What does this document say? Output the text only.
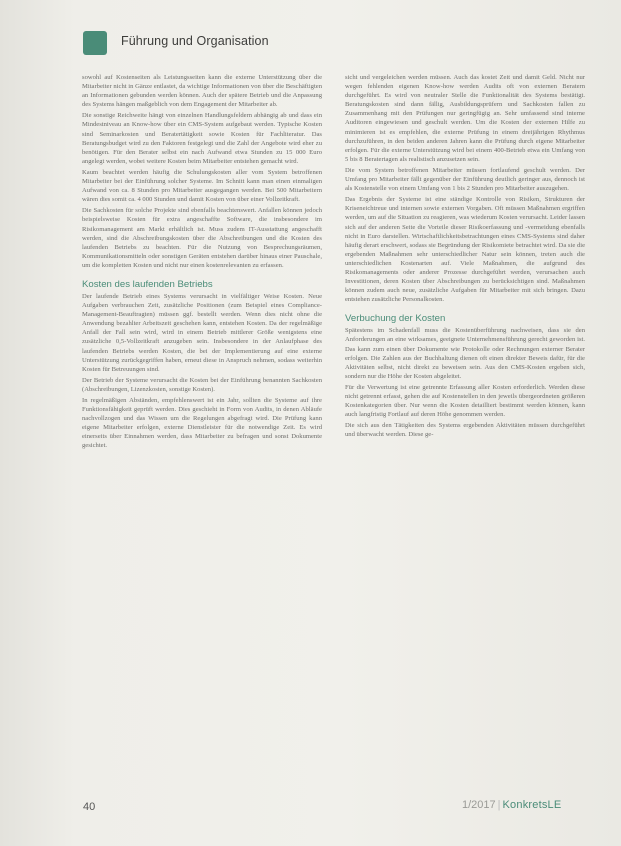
Führung und Organisation

sowohl auf Kostenseiten als Leistungsseiten kann die externe Unterstützung über die Mitarbeiter nicht in Gänze entlastet, da wichtige Informationen von über die Beschäftigten an Informationen gebunden werden können. Auch der spätere Betrieb und die Anpassung des Systems hängen maßgeblich von dem Engagement der Mitarbeiter ab.

Die sonstige Reichweite hängt von einzelnen Handlungsfeldern abhängig ab und dass ein Mindestniveau an Know-how über ein CMS-System aufgebaut werden. Typische Kosten sind Seminarkosten und Beratertätigkeit sowie Kosten für Fachliteratur. Das Beratungsbudget wird zu den Faktoren festgelegt und die Zahl der Angebote wird eher zu benötigen. Für den Berater selbst ein nach Aufwand etwa Stunden zu 15 000 Euro angelegt werden, wobei weitere Kosten beim Mitarbeiter entstehen gemacht wird.

Kaum beachtet werden häufig die Schulungskosten aller vom System betroffenen Mitarbeiter bei der Einführung solcher Systeme. Im Schnitt kann man einen einmaligen Aufwand von ca. 8 Stunden pro Mitarbeiter ausgegangen werden. Bei 500 Mitarbeitern wären dies somit ca. 4 000 Stunden und damit Kosten von über einer Vollzeitkraft.

Die Sachkosten für solche Projekte sind ebenfalls beachtenswert. Anfallen können jedoch beispielsweise Kosten für extra angeschaffte Software, die insbesondere im Risikomanagement am Markt erhältlich ist. Muss zudem IT-Ausstattung angeschafft werden, sind die Abschreibungskosten über die Abschreibungen und die Kosten des laufenden Betriebs zu beachten. Für die Nutzung von Besprechungsräumen, Kommunikationsmitteln oder sonstigen Geräten entstehen darüber hinaus einer Pauschale, um die kompletten Kosten und nicht nur einen kostenrelevanten zu erfassen.

Kosten des laufenden Betriebs

Der laufende Betrieb eines Systems verursacht in vielfältiger Weise Kosten. Neue Aufgaben verbrauchen Zeit, zusätzliche Positionen (zum Beispiel eines Compliance-Management-Beauftragten) müssen ggf. bestellt werden. Wenn dies nicht ohne die Anwendung bezahlter Arbeitszeit geschehen kann, entstehen Kosten. Da der regelmäßige Anfall der Fall sein wird, wird in einem Betrieb mittlerer Größe wenigstens eine zusätzliche 0,5-Vollzeitkraft anzugeben sein. Insbesondere in der Anlaufphase des laufenden Betriebs werden Kosten, die bei der Implementierung auf eine externe Unterstützung zurückgegriffen haben, erneut diese in Anspruch nehmen, sodass weiterhin Kosten für Betreuungen sind.

Der Betrieb der Systeme verursacht die Kosten bei der Einführung benannten Sachkosten (Abschreibungen, Lizenzkosten, sonstige Kosten).

In regelmäßigen Abständen, empfehlenswert ist ein Jahr, sollten die Systeme auf ihre Funktionsfähigkeit geprüft werden. Dies geschieht in Form von Audits, in denen Abläufe nachvollzogen und das Wissen um die Regelungen abgefragt wird. Die Prüfung kann eigene Mitarbeiter erfolgen, externe Dienstleister für die notwendige Zeit. Es wird einerseits über Einnahmen werden, dass Mitarbeiter zu befragen und sonst Dokumente gesichtet.

sicht und vergeleichen werden müssen. Auch das kostet Zeit und damit Geld. Nicht nur wegen fehlenden eigenen Know-how werden Audits oft von externen Beratern durchgeführt. Es wird von neutraler Stelle die Funktionalität des Systems bestätigt. Beratungskosten sind dann fällig, Ausbildungsprüfern und Sachkosten fallen zu Zusammenhang mit den Prüfungen nur geringfügig an. Sehr umfassend sind interne Auditoren eingewiesen und geschult werden. Um die Kosten der externen Hilfe zu minimieren ist es empfehlen, die externe Prüfung in einem dreijährigen Rhythmus durchzuführen, in den beiden anderen Jahren kann die Prüfung durch eigene Mitarbeiter erfolgen. Für die externe Unterstützung wird bei einem 400-Betrieb etwa ein Umfang von 5 bis 8 Beratertagen als realistisch anzusetzen sein.

Die vom System betroffenen Mitarbeiter müssen fortlaufend geschult werden. Der Umfang pro Mitarbeiter fällt gegenüber der Einführung deutlich geringer aus, dennoch ist als Kostenstelle von einem Umfang von 1 bis 2 Stunden pro Mitarbeiter auszugehen.

Das Ergebnis der Systeme ist eine ständige Kontrolle von Risiken, Strukturen der Kriseneichtreue und internen sowie externen Vorgaben. Oft müssen Maßnahmen ergriffen werden, um auf die Situation zu reagieren, was wiederum Kosten verursacht. Leider lassen sich auf der anderen Seite die Vorteile dieser Risikoerfassung und -vermeidung ebenfalls nicht in Euro darstellen. Wirtschaftlichkeitsbetrachtungen eines CMS-Systems sind daher häufig derart erschwert, sodass sie Begründung der Risikomiete betrachtet wird. Da sie die ergebenden Maßnahmen sehr unterschiedlicher Natur sein können, treten auch die unterschiedlichen Kostenarten auf. Viele Maßnahmen, die aufgrund des Risikomanagements oder anderer Prozesse durchgeführt werden, verursachen auch Investitionen, deren Kosten über Abschreibungen zu berücksichtigen sind. Maßnahmen können zudem auch neue, zusätzliche Aufgaben für Mitarbeiter mit sich bringen. Dazu entstehen zusätzliche Personalkosten.

Verbuchung der Kosten

Spätestens im Schadenfall muss die Kostenüberführung nachweisen, dass sie den Anforderungen an eine wirksames, geeignete Unternehmensführung gerecht geworden ist. Das kann zum einen über Dokumente wie Protokolle oder Rechnungen externer Berater erfolgen. Die Zahlen aus der Buchhaltung dienen oft einen direkter Beweis dafür, für die Aktivitäten selbst, nicht direkt zu beweisen sein. Aus den CMS-Kosten ergeben sich, sondern nur die Höhe der Kosten abgeleitet.

Für die Verwertung ist eine getrennte Erfassung aller Kosten erforderlich. Werden diese nicht getrennt erfasst, gehen die auf Kostenstellen in den jeweils übergeordneten größeren Kostenkategorien über. Nur wenn die Kosten detailliert bestimmt werden können, kann auch langfristig Fortlauf auf deren Höhe genommen werden.

Die sich aus den Tätigkeiten des Systems ergebenden Aktivitäten müssen durchgeführt und überwacht werden. Diese ge-

40	1/2017 | KonkretsLE
